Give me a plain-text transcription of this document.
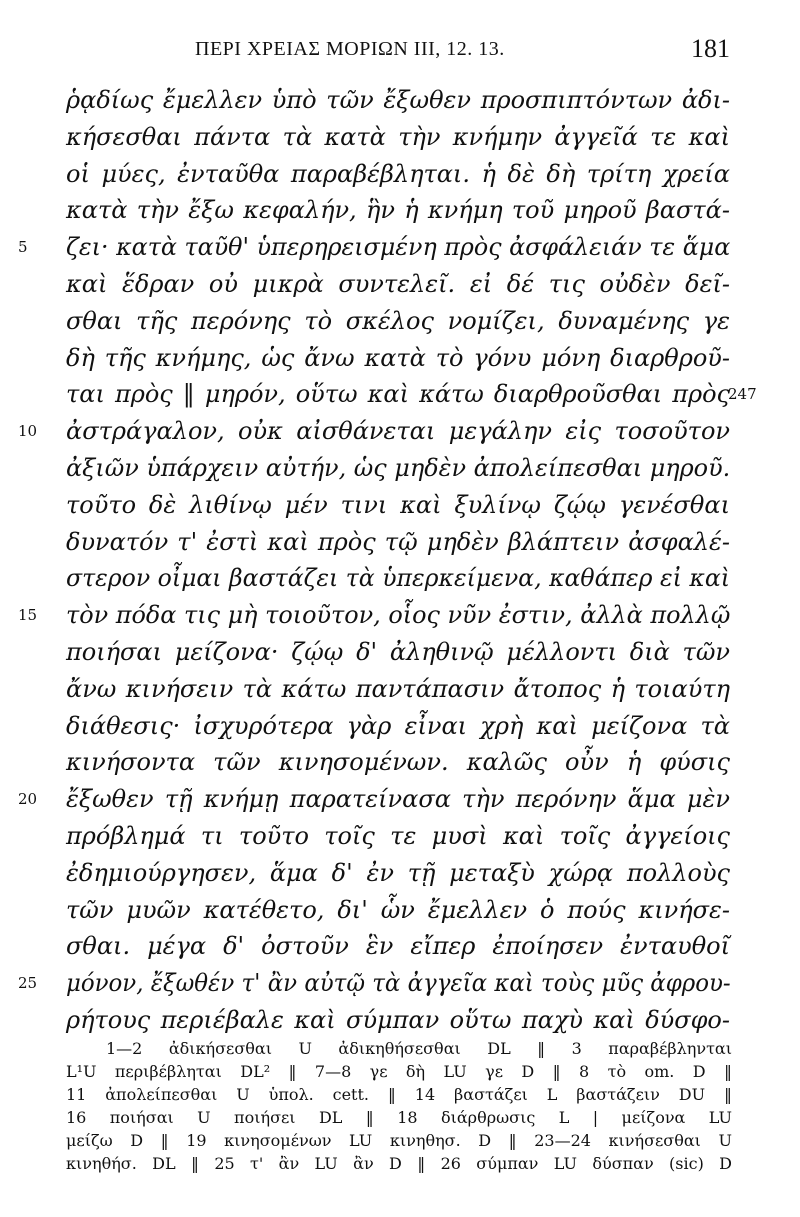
ΠΕΡΙ ΧΡΕΙΑΣ ΜΟΡΙΩΝ III, 12. 13.	181
ῥᾳδίως ἔμελλεν ὑπὸ τῶν ἔξωθεν προσπιπτόντων ἀδι-
κήσεσθαι πάντα τὰ κατὰ τὴν κνήμην ἀγγεῖά τε καὶ
οἱ μύες, ἐνταῦθα παραβέβληται. ἡ δὲ δὴ τρίτη χρεία
κατὰ τὴν ἔξω κεφαλήν, ἣν ἡ κνήμη τοῦ μηροῦ βαστά-
5	ζει· κατὰ ταῦθ' ὑπερηρεισμένη πρὸς ἀσφάλειάν τε ἅμα
καὶ ἕδραν οὐ μικρὰ συντελεῖ. εἰ δέ τις οὐδὲν δεῖ-
σθαι τῆς περόνης τὸ σκέλος νομίζει, δυναμένης γε
δὴ τῆς κνήμης, ὡς ἄνω κατὰ τὸ γόνυ μόνη διαρθροῦ-
ται πρὸς ‖ μηρόν, οὕτω καὶ κάτω διαρθροῦσθαι πρὸς
247
10	ἀστράγαλον, οὐκ αἰσθάνεται μεγάλην εἰς τοσοῦτον
ἀξιῶν ὑπάρχειν αὐτήν, ὡς μηδὲν ἀπολείπεσθαι μηροῦ.
τοῦτο δὲ λιθίνῳ μέν τινι καὶ ξυλίνῳ ζῴῳ γενέσθαι
δυνατόν τ' ἐστὶ καὶ πρὸς τῷ μηδὲν βλάπτειν ἀσφαλέ-
στερον οἶμαι βαστάζει τὰ ὑπερκείμενα, καθάπερ εἰ καὶ
15	τὸν πόδα τις μὴ τοιοῦτον, οἷος νῦν ἐστιν, ἀλλὰ πολλῷ
ποιήσαι μείζονα· ζῴῳ δ' ἀληθινῷ μέλλοντι διὰ τῶν
ἄνω κινήσειν τὰ κάτω παντάπασιν ἄτοπος ἡ τοιαύτη
διάθεσις· ἰσχυρότερα γὰρ εἶναι χρὴ καὶ μείζονα τὰ
κινήσοντα τῶν κινησομένων. καλῶς οὖν ἡ φύσις
20	ἔξωθεν τῇ κνήμῃ παρατείνασα τὴν περόνην ἅμα μὲν
πρόβλημά τι τοῦτο τοῖς τε μυσὶ καὶ τοῖς ἀγγείοις
ἐδημιούργησεν, ἅμα δ' ἐν τῇ μεταξὺ χώρᾳ πολλοὺς
τῶν μυῶν κατέθετο, δι' ὧν ἔμελλεν ὁ πούς κινήσε-
σθαι. μέγα δ' ὀστοῦν ἓν εἴπερ ἐποίησεν ἐνταυθοῖ
25	μόνον, ἔξωθέν τ' ἂν αὐτῷ τὰ ἀγγεῖα καὶ τοὺς μῦς ἀφρου-
ρήτους περιέβαλε καὶ σύμπαν οὕτω παχὺ καὶ δύσφο-
1—2 ἀδικήσεσθαι U ἀδικηθήσεσθαι DL ‖ 3 παραβέβληνται
L¹U περιβέβληται DL² ‖ 7—8 γε δὴ LU γε D ‖ 8 τὸ om. D ‖
11 ἀπολείπεσθαι U ὑπολ. cett. ‖ 14 βαστάζει L βαστάζειν DU ‖
16 ποιήσαι U ποιήσει DL ‖ 18 διάρθρωσις L | μείζονα LU
μείζω D ‖ 19 κινησομένων LU κινηθησ. D ‖ 23—24 κινήσεσθαι U
κινηθήσ. DL ‖ 25 τ' ἂν LU ἂν D ‖ 26 σύμπαν LU δύσπαν (sic) D
